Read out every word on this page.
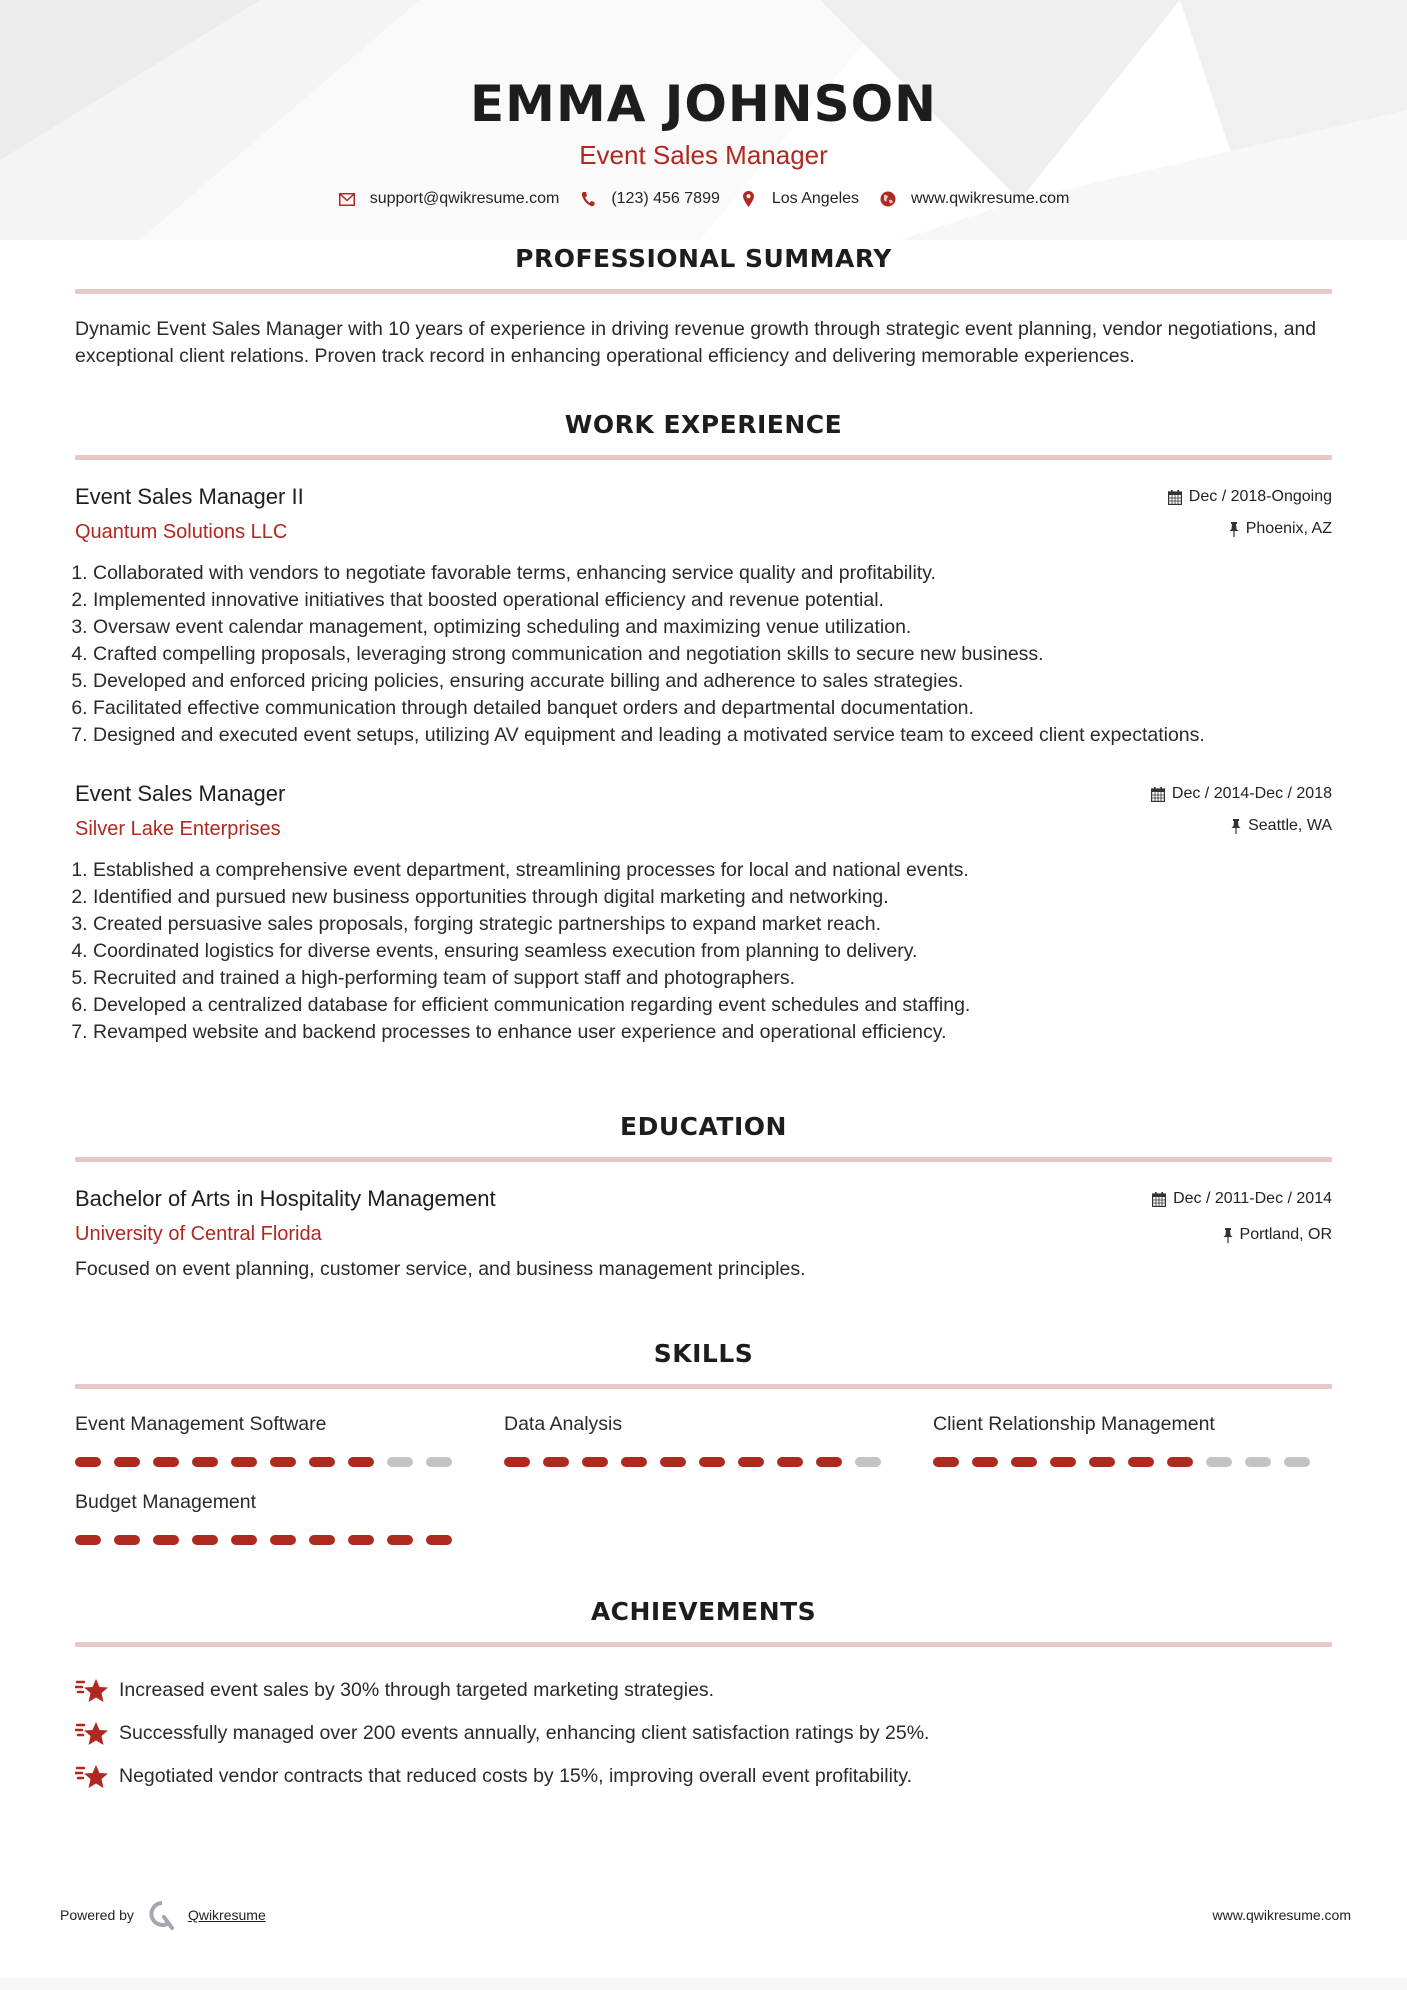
EMMA JOHNSON
Event Sales Manager
support@qwikresume.com	(123) 456 7899	Los Angeles	www.qwikresume.com
PROFESSIONAL SUMMARY

Dynamic Event Sales Manager with 10 years of experience in driving revenue growth through strategic event planning, vendor negotiations, and exceptional client relations. Proven track record in enhancing operational efficiency and delivering memorable experiences.

WORK EXPERIENCE
Event Sales Manager II
Quantum Solutions LLC
Dec / 2018-Ongoing
Phoenix, AZ
1. Collaborated with vendors to negotiate favorable terms, enhancing service quality and profitability.
2. Implemented innovative initiatives that boosted operational efficiency and revenue potential.
3. Oversaw event calendar management, optimizing scheduling and maximizing venue utilization.
4. Crafted compelling proposals, leveraging strong communication and negotiation skills to secure new business.
5. Developed and enforced pricing policies, ensuring accurate billing and adherence to sales strategies.
6. Facilitated effective communication through detailed banquet orders and departmental documentation.
7. Designed and executed event setups, utilizing AV equipment and leading a motivated service team to exceed client expectations.
Event Sales Manager
Silver Lake Enterprises
Dec / 2014-Dec / 2018
Seattle, WA
1. Established a comprehensive event department, streamlining processes for local and national events.
2. Identified and pursued new business opportunities through digital marketing and networking.
3. Created persuasive sales proposals, forging strategic partnerships to expand market reach.
4. Coordinated logistics for diverse events, ensuring seamless execution from planning to delivery.
5. Recruited and trained a high-performing team of support staff and photographers.
6. Developed a centralized database for efficient communication regarding event schedules and staffing.
7. Revamped website and backend processes to enhance user experience and operational efficiency.
EDUCATION
Bachelor of Arts in Hospitality Management
University of Central Florida
Dec / 2011-Dec / 2014
Portland, OR

Focused on event planning, customer service, and business management principles.

SKILLS
Event Management Software	Data Analysis	Client Relationship Management
Budget Management
ACHIEVEMENTS
Increased event sales by 30% through targeted marketing strategies.
Successfully managed over 200 events annually, enhancing client satisfaction ratings by 25%.
Negotiated vendor contracts that reduced costs by 15%, improving overall event profitability.
Powered by	Qwikresume	www.qwikresume.com
